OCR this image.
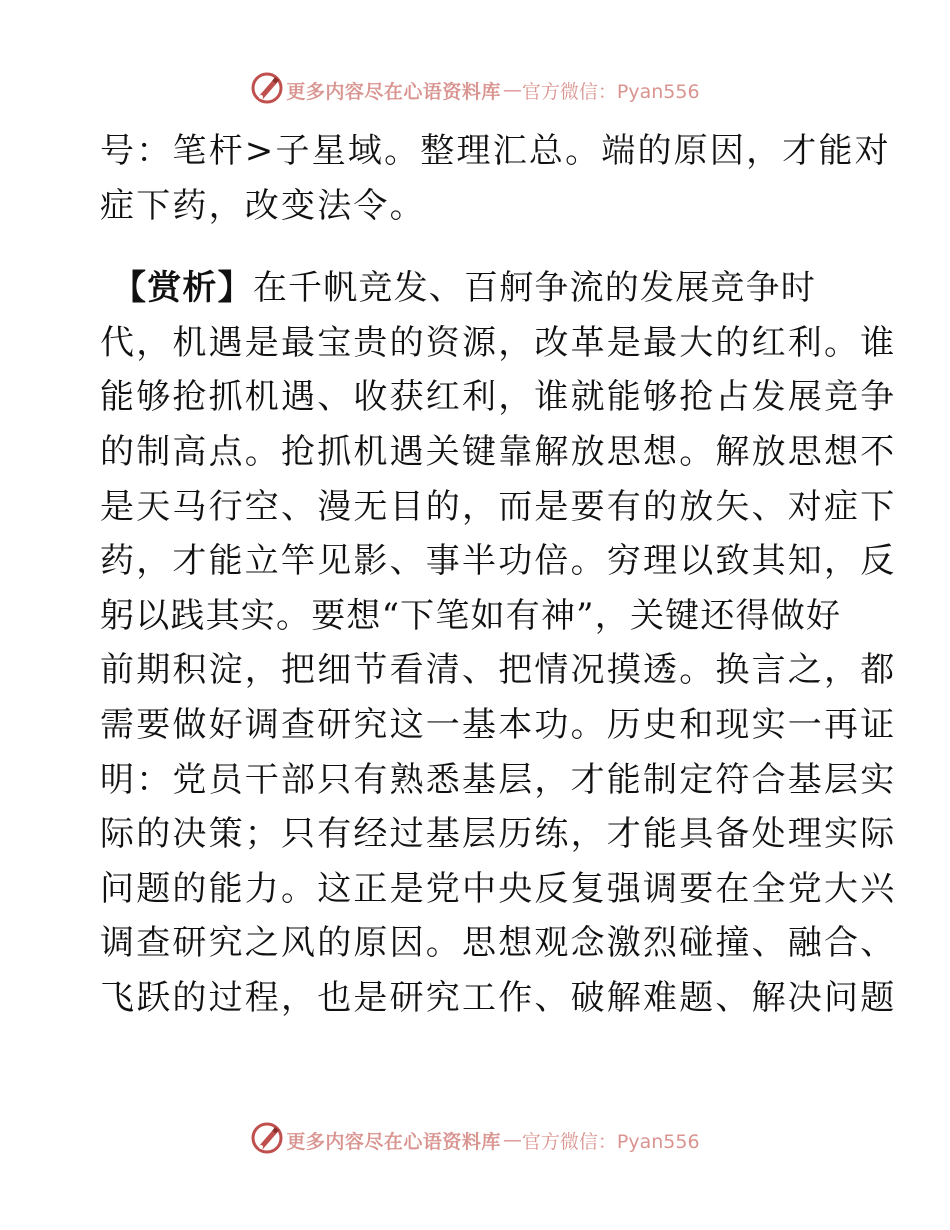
更多内容尽在心语资料库 — 官方微信：Pyan556
号：笔杆>子星域。整理汇总。端的原因，才能对
症下药，改变法令。
【赏析】在千帆竞发、百舸争流的发展竞争时
代，机遇是最宝贵的资源，改革是最大的红利。谁
能够抢抓机遇、收获红利，谁就能够抢占发展竞争
的制高点。抢抓机遇关键靠解放思想。解放思想不
是天马行空、漫无目的，而是要有的放矢、对症下
药，才能立竿见影、事半功倍。穷理以致其知，反
躬以践其实。要想“下笔如有神”，关键还得做好
前期积淀，把细节看清、把情况摸透。换言之，都
需要做好调查研究这一基本功。历史和现实一再证
明：党员干部只有熟悉基层，才能制定符合基层实
际的决策；只有经过基层历练，才能具备处理实际
问题的能力。这正是党中央反复强调要在全党大兴
调查研究之风的原因。思想观念激烈碰撞、融合、
飞跃的过程，也是研究工作、破解难题、解决问题
更多内容尽在心语资料库 — 官方微信：Pyan556
